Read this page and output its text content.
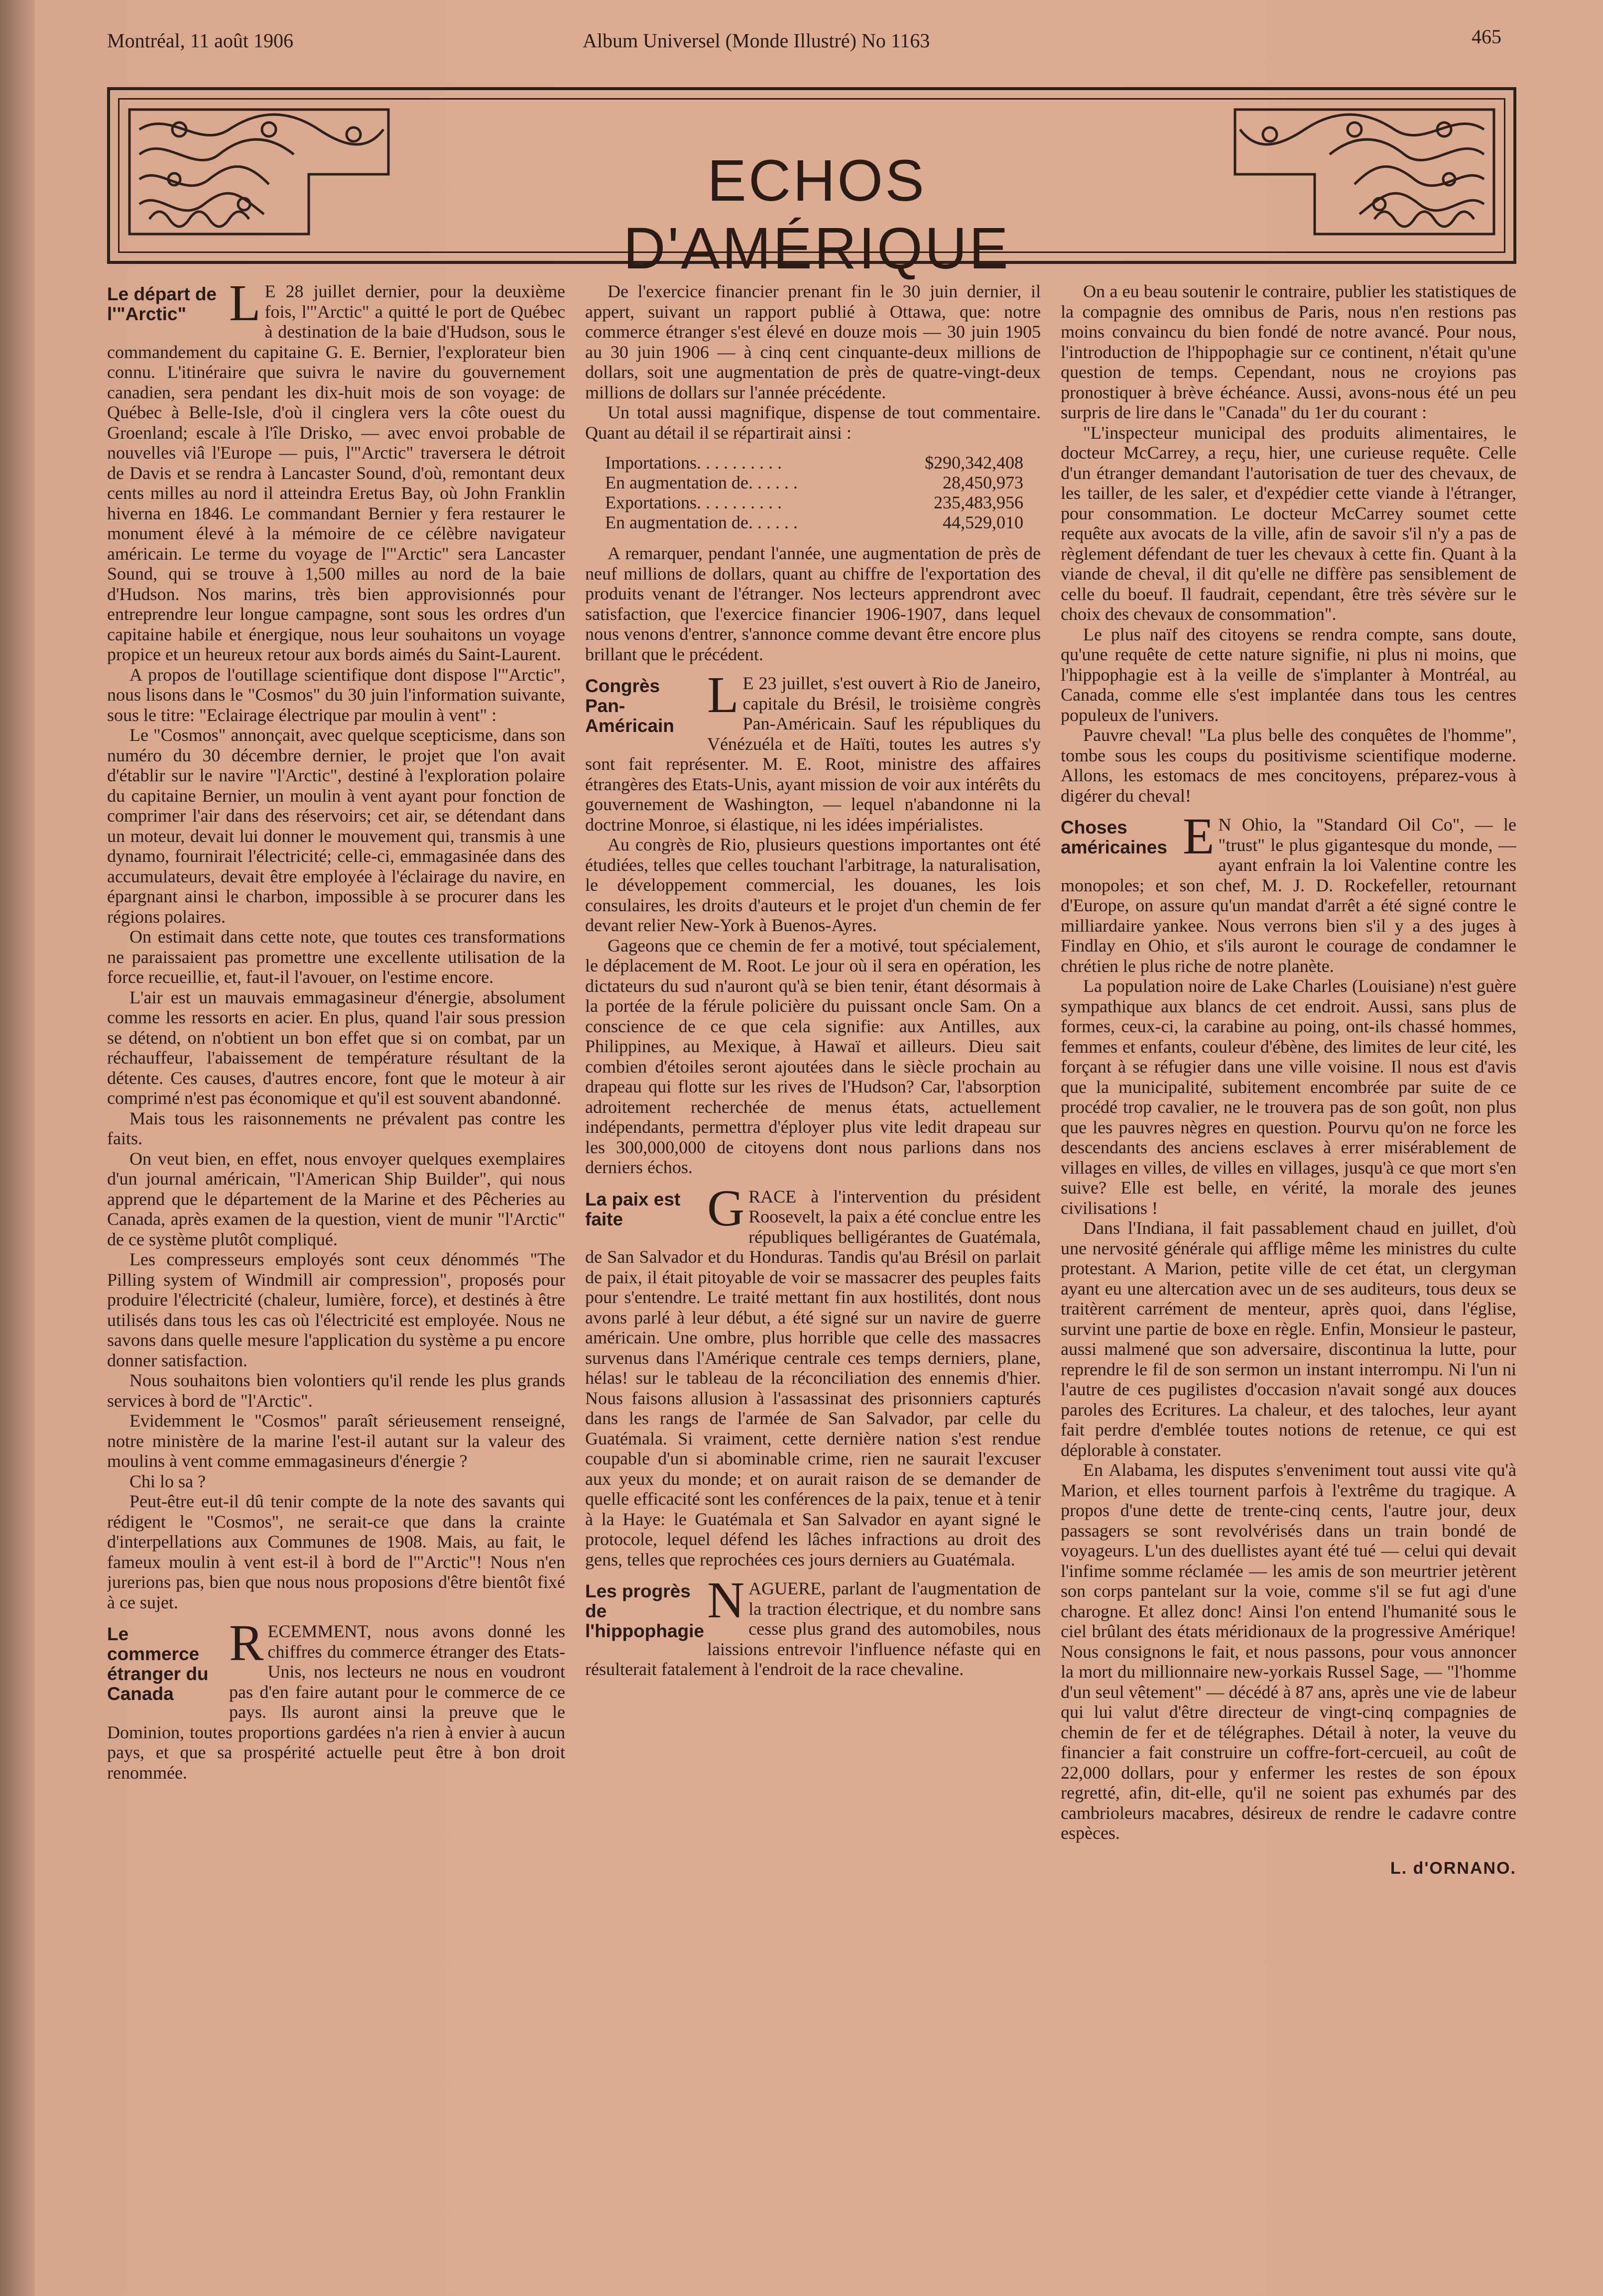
Montréal, 11 août 1906	Album Universel (Monde Illustré) No 1163	465
ECHOS D'AMÉRIQUE
Le départ de l'"Arctic" L E 28 juillet dernier, pour la deuxième fois, l'"Arctic" a quitté le port de Québec à destination de la baie d'Hudson, sous le commandement du capitaine G. E. Bernier, l'explorateur bien connu. L'itinéraire que suivra le navire du gouvernement canadien, sera pendant les dix-huit mois de son voyage: de Québec à Belle-Isle, d'où il cinglera vers la côte ouest du Groenland; escale à l'île Drisko, — avec envoi probable de nouvelles viâ l'Europe — puis, l'"Arctic" traversera le détroit de Davis et se rendra à Lancaster Sound, d'où, remontant deux cents milles au nord il atteindra Eretus Bay, où John Franklin hiverna en 1846. Le commandant Bernier y fera restaurer le monument élevé à la mémoire de ce célèbre navigateur américain. Le terme du voyage de l'"Arctic" sera Lancaster Sound, qui se trouve à 1,500 milles au nord de la baie d'Hudson. Nos marins, très bien approvisionnés pour entreprendre leur longue campagne, sont sous les ordres d'un capitaine habile et énergique, nous leur souhaitons un voyage propice et un heureux retour aux bords aimés du Saint-Laurent.

A propos de l'outillage scientifique dont dispose l'"Arctic", nous lisons dans le "Cosmos" du 30 juin l'information suivante, sous le titre: "Eclairage électrique par moulin à vent" :

Le "Cosmos" annonçait, avec quelque scepticisme, dans son numéro du 30 décembre dernier, le projet que l'on avait d'établir sur le navire "l'Arctic", destiné à l'exploration polaire du capitaine Bernier, un moulin à vent ayant pour fonction de comprimer l'air dans des réservoirs; cet air, se détendant dans un moteur, devait lui donner le mouvement qui, transmis à une dynamo, fournirait l'électricité; celle-ci, emmagasinée dans des accumulateurs, devait être employée à l'éclairage du navire, en épargnant ainsi le charbon, impossible à se procurer dans les régions polaires.

On estimait dans cette note, que toutes ces transformations ne paraissaient pas promettre une excellente utilisation de la force recueillie, et, faut-il l'avouer, on l'estime encore.

L'air est un mauvais emmagasineur d'énergie, absolument comme les ressorts en acier. En plus, quand l'air sous pression se détend, on n'obtient un bon effet que si on combat, par un réchauffeur, l'abaissement de température résultant de la détente. Ces causes, d'autres encore, font que le moteur à air comprimé n'est pas économique et qu'il est souvent abandonné.

Mais tous les raisonnements ne prévalent pas contre les faits.

On veut bien, en effet, nous envoyer quelques exemplaires d'un journal américain, "l'American Ship Builder", qui nous apprend que le département de la Marine et des Pêcheries au Canada, après examen de la question, vient de munir "l'Arctic" de ce système plutôt compliqué.

Les compresseurs employés sont ceux dénommés "The Pilling system of Windmill air compression", proposés pour produire l'électricité (chaleur, lumière, force), et destinés à être utilisés dans tous les cas où l'électricité est employée. Nous ne savons dans quelle mesure l'application du système a pu encore donner satisfaction.

Nous souhaitons bien volontiers qu'il rende les plus grands services à bord de "l'Arctic".

Evidemment le "Cosmos" paraît sérieusement renseigné, notre ministère de la marine l'est-il autant sur la valeur des moulins à vent comme emmagasineurs d'énergie ?

Chi lo sa ?

Peut-être eut-il dû tenir compte de la note des savants qui rédigent le "Cosmos", ne serait-ce que dans la crainte d'interpellations aux Communes de 1908. Mais, au fait, le fameux moulin à vent est-il à bord de l'"Arctic"! Nous n'en jurerions pas, bien que nous nous proposions d'être bientôt fixé à ce sujet.

Le commerce étranger du Canada
R ECEMMENT, nous avons donné les chiffres du commerce étranger des Etats-Unis, nos lecteurs ne nous en voudront pas d'en faire autant pour le commerce de ce pays. Ils auront ainsi la preuve que le Dominion, toutes proportions gardées n'a rien à envier à aucun pays, et que sa prospérité actuelle peut être à bon droit renommée.

De l'exercice financier prenant fin le 30 juin dernier, il appert, suivant un rapport publié à Ottawa, que: notre commerce étranger s'est élevé en douze mois — 30 juin 1905 au 30 juin 1906 — à cinq cent cinquante-deux millions de dollars, soit une augmentation de près de quatre-vingt-deux millions de dollars sur l'année précédente.

Un total aussi magnifique, dispense de tout commentaire. Quant au détail il se répartirait ainsi :

Importations. . . . . . . . . .	$290,342,408
En augmentation de. . . . . .	28,450,973
Exportations. . . . . . . . . .	235,483,956
En augmentation de. . . . . .	44,529,010

A remarquer, pendant l'année, une augmentation de près de neuf millions de dollars, quant au chiffre de l'exportation des produits venant de l'étranger. Nos lecteurs apprendront avec satisfaction, que l'exercice financier 1906-1907, dans lequel nous venons d'entrer, s'annonce comme devant être encore plus brillant que le précédent.

Congrès Pan-Américain
L E 23 juillet, s'est ouvert à Rio de Janeiro, capitale du Brésil, le troisième congrès Pan-Américain. Sauf les républiques du Vénézuéla et de Haïti, toutes les autres s'y sont fait représenter. M. E. Root, ministre des affaires étrangères des Etats-Unis, ayant mission de voir aux intérêts du gouvernement de Washington, — lequel n'abandonne ni la doctrine Monroe, si élastique, ni les idées impérialistes.

Au congrès de Rio, plusieurs questions importantes ont été étudiées, telles que celles touchant l'arbitrage, la naturalisation, le développement commercial, les douanes, les lois consulaires, les droits d'auteurs et le projet d'un chemin de fer devant relier New-York à Buenos-Ayres.

Gageons que ce chemin de fer a motivé, tout spécialement, le déplacement de M. Root. Le jour où il sera en opération, les dictateurs du sud n'auront qu'à se bien tenir, étant désormais à la portée de la férule policière du puissant oncle Sam. On a conscience de ce que cela signifie: aux Antilles, aux Philippines, au Mexique, à Hawaï et ailleurs. Dieu sait combien d'étoiles seront ajoutées dans le siècle prochain au drapeau qui flotte sur les rives de l'Hudson? Car, l'absorption adroitement recherchée de menus états, actuellement indépendants, permettra d'éployer plus vite ledit drapeau sur les 300,000,000 de citoyens dont nous parlions dans nos derniers échos.

La paix est faite	G RACE à l'intervention du président Roosevelt, la paix a été conclue entre les républiques belligérantes de Guatémala, de San Salvador et du Honduras. Tandis qu'au Brésil on parlait de paix, il était pitoyable de voir se massacrer des peuples faits pour s'entendre. Le traité mettant fin aux hostilités, dont nous avons parlé à leur début, a été signé sur un navire de guerre américain. Une ombre, plus horrible que celle des massacres survenus dans l'Amérique centrale ces temps derniers, plane, hélas! sur le tableau de la réconciliation des ennemis d'hier. Nous faisons allusion à l'assassinat des prisonniers capturés dans les rangs de l'armée de San Salvador, par celle du Guatémala. Si vraiment, cette dernière nation s'est rendue coupable d'un si abominable crime, rien ne saurait l'excuser aux yeux du monde; et on aurait raison de se demander de quelle efficacité sont les conférences de la paix, tenue et à tenir à la Haye: le Guatémala et San Salvador en ayant signé le protocole, lequel défend les lâches infractions au droit des gens, telles que reprochées ces jours derniers au Guatémala.

Les progrès de l'hippophagie
N AGUERE, parlant de l'augmentation de la traction électrique, et du nombre sans cesse plus grand des automobiles, nous laissions entrevoir l'influence néfaste qui en résulterait fatalement à l'endroit de la race chevaline.

On a eu beau soutenir le contraire, publier les statistiques de la compagnie des omnibus de Paris, nous n'en restions pas moins convaincu du bien fondé de notre avancé. Pour nous, l'introduction de l'hippophagie sur ce continent, n'était qu'une question de temps. Cependant, nous ne croyions pas pronostiquer à brève échéance. Aussi, avons-nous été un peu surpris de lire dans le "Canada" du 1er du courant :

"L'inspecteur municipal des produits alimentaires, le docteur McCarrey, a reçu, hier, une curieuse requête. Celle d'un étranger demandant l'autorisation de tuer des chevaux, de les tailler, de les saler, et d'expédier cette viande à l'étranger, pour consommation. Le docteur McCarrey soumet cette requête aux avocats de la ville, afin de savoir s'il n'y a pas de règlement défendant de tuer les chevaux à cette fin. Quant à la viande de cheval, il dit qu'elle ne diffère pas sensiblement de celle du boeuf. Il faudrait, cependant, être très sévère sur le choix des chevaux de consommation".

Le plus naïf des citoyens se rendra compte, sans doute, qu'une requête de cette nature signifie, ni plus ni moins, que l'hippophagie est à la veille de s'implanter à Montréal, au Canada, comme elle s'est implantée dans tous les centres populeux de l'univers.

Pauvre cheval! "La plus belle des conquêtes de l'homme", tombe sous les coups du positivisme scientifique moderne. Allons, les estomacs de mes concitoyens, préparez-vous à digérer du cheval!

Choses américaines E N Ohio, la "Standard Oil Co", — le "trust" le plus gigantesque du monde, — ayant enfrain la loi Valentine contre les monopoles; et son chef, M. J. D. Rockefeller, retournant d'Europe, on assure qu'un mandat d'arrêt a été signé contre le milliardaire yankee. Nous verrons bien s'il y a des juges à Findlay en Ohio, et s'ils auront le courage de condamner le chrétien le plus riche de notre planète.

La population noire de Lake Charles (Louisiane) n'est guère sympathique aux blancs de cet endroit. Aussi, sans plus de formes, ceux-ci, la carabine au poing, ont-ils chassé hommes, femmes et enfants, couleur d'ébène, des limites de leur cité, les forçant à se réfugier dans une ville voisine. Il nous est d'avis que la municipalité, subitement encombrée par suite de ce procédé trop cavalier, ne le trouvera pas de son goût, non plus que les pauvres nègres en question. Pourvu qu'on ne force les descendants des anciens esclaves à errer misérablement de villages en villes, de villes en villages, jusqu'à ce que mort s'en suive? Elle est belle, en vérité, la morale des jeunes civilisations !

Dans l'Indiana, il fait passablement chaud en juillet, d'où une nervosité générale qui afflige même les ministres du culte protestant. A Marion, petite ville de cet état, un clergyman ayant eu une altercation avec un de ses auditeurs, tous deux se traitèrent carrément de menteur, après quoi, dans l'église, survint une partie de boxe en règle. Enfin, Monsieur le pasteur, aussi malmené que son adversaire, discontinua la lutte, pour reprendre le fil de son sermon un instant interrompu. Ni l'un ni l'autre de ces pugilistes d'occasion n'avait songé aux douces paroles des Ecritures. La chaleur, et des taloches, leur ayant fait perdre d'emblée toutes notions de retenue, ce qui est déplorable à constater.

En Alabama, les disputes s'enveniment tout aussi vite qu'à Marion, et elles tournent parfois à l'extrême du tragique. A propos d'une dette de trente-cinq cents, l'autre jour, deux passagers se sont revolvérisés dans un train bondé de voyageurs. L'un des duellistes ayant été tué — celui qui devait l'infime somme réclamée — les amis de son meurtrier jetèrent son corps pantelant sur la voie, comme s'il se fut agi d'une charogne. Et allez donc! Ainsi l'on entend l'humanité sous le ciel brûlant des états méridionaux de la progressive Amérique! Nous consignons le fait, et nous passons, pour vous annoncer la mort du millionnaire new-yorkais Russel Sage, — "l'homme d'un seul vêtement" — décédé à 87 ans, après une vie de labeur qui lui valut d'être directeur de vingt-cinq compagnies de chemin de fer et de télégraphes. Détail à noter, la veuve du financier a fait construire un coffre-fort-cercueil, au coût de 22,000 dollars, pour y enfermer les restes de son époux regretté, afin, dit-elle, qu'il ne soient pas exhumés par des cambrioleurs macabres, désireux de rendre le cadavre contre espèces.

L. d'ORNANO.
